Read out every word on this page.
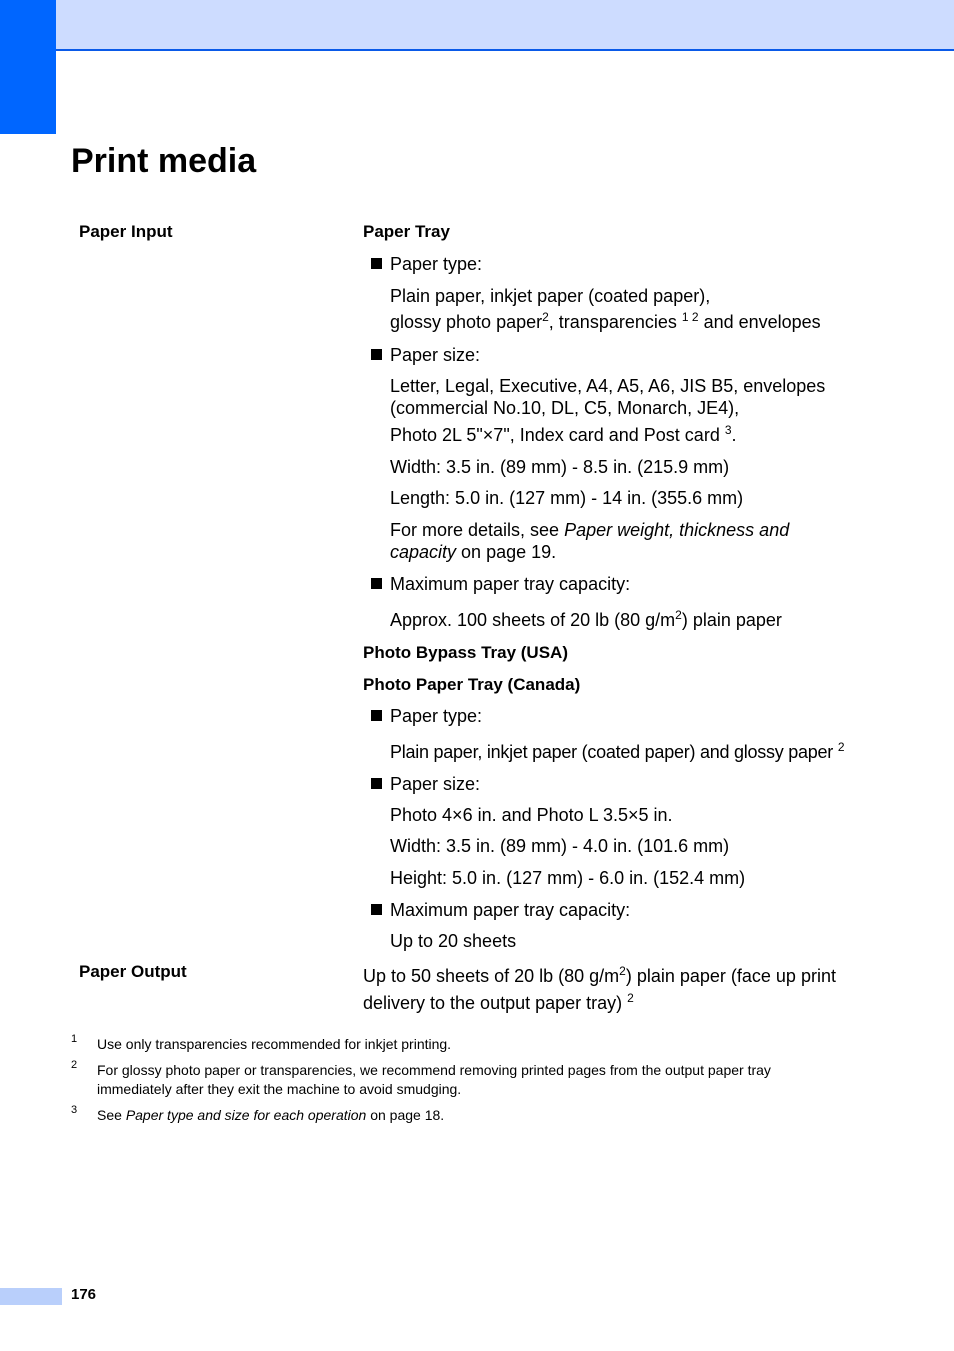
Print media
Paper Input
Paper Output
Paper Tray
Paper type:
Plain paper, inkjet paper (coated paper),
glossy photo paper$^2$, transparencies $^{1 2}$ and envelopes
Paper size:
Letter, Legal, Executive, A4, A5, A6, JIS B5, envelopes
(commercial No.10, DL, C5, Monarch, JE4),
Photo 2L 5"×7", Index card and Post card $^3$.
Width: 3.5 in. (89 mm) - 8.5 in. (215.9 mm)
Length: 5.0 in. (127 mm) - 14 in. (355.6 mm)
For more details, see Paper weight, thickness and
capacity on page 19.
Maximum paper tray capacity:
Approx. 100 sheets of 20 lb (80 $g/m^2$) plain paper
Photo Bypass Tray (USA)
Photo Paper Tray (Canada)
Paper type:
Plain paper, inkjet paper (coated paper) and glossy paper $^2$
Paper size:
Photo 4×6 in. and Photo L 3.5×5 in.
Width: 3.5 in. (89 mm) - 4.0 in. (101.6 mm)
Height: 5.0 in. (127 mm) - 6.0 in. (152.4 mm)
Maximum paper tray capacity:
Up to 20 sheets
Up to 50 sheets of 20 lb (80 $g/m^2$) plain paper (face up print
delivery to the output paper tray) $^2$
1 Use only transparencies recommended for inkjet printing.
2 For glossy photo paper or transparencies, we recommend removing printed pages from the output paper tray
immediately after they exit the machine to avoid smudging.
3 See Paper type and size for each operation on page 18.
176
